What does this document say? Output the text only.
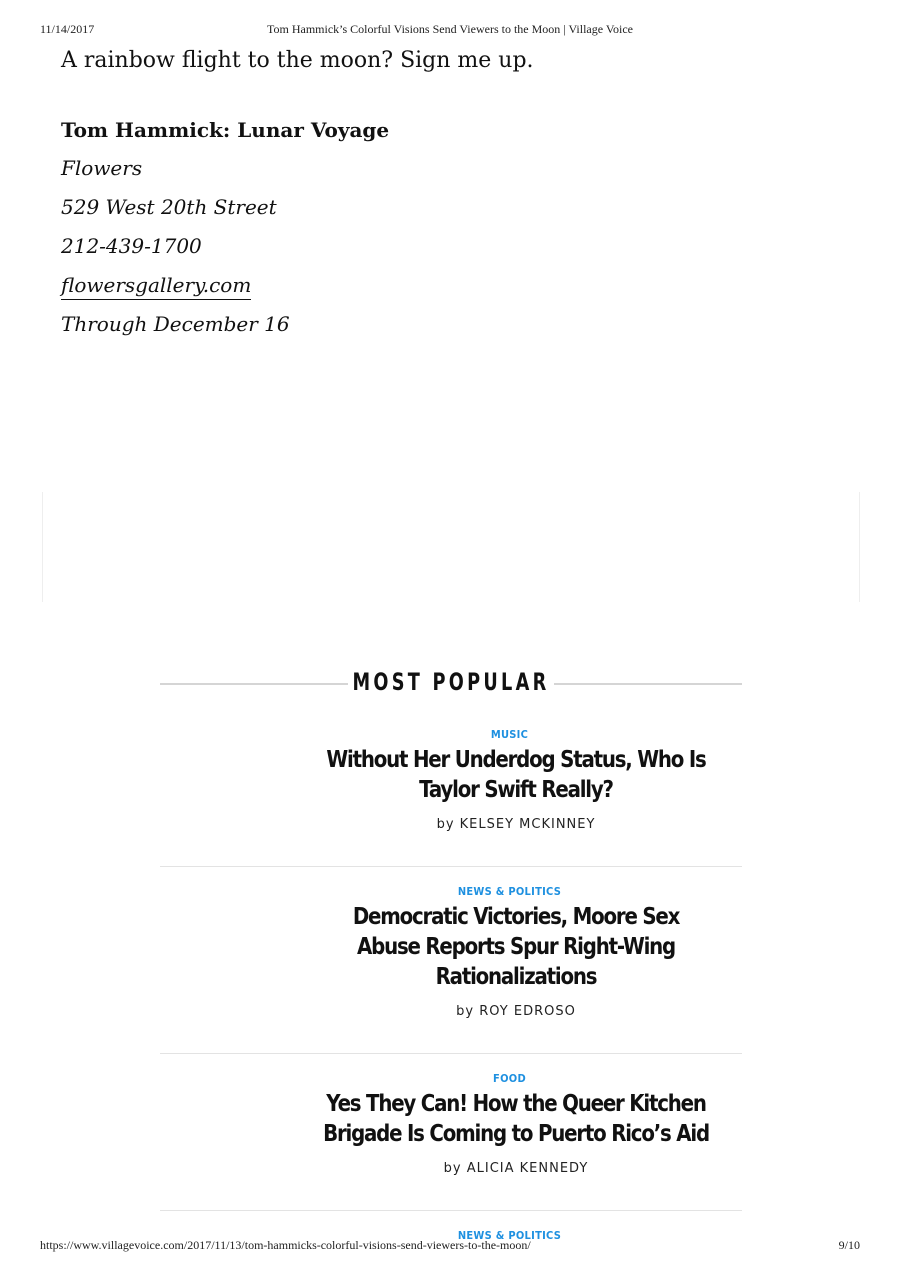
11/14/2017	Tom Hammick’s Colorful Visions Send Viewers to the Moon | Village Voice

A rainbow flight to the moon? Sign me up.

Tom Hammick: Lunar Voyage
Flowers
529 West 20th Street
212-439-1700
flowersgallery.com
Through December 16
MOST POPULAR
MUSIC
Without Her Underdog Status, Who Is Taylor Swift Really?
by KELSEY MCKINNEY
NEWS & POLITICS
Democratic Victories, Moore Sex Abuse Reports Spur Right-Wing Rationalizations
by ROY EDROSO
FOOD
Yes They Can! How the Queer Kitchen Brigade Is Coming to Puerto Rico’s Aid
by ALICIA KENNEDY
NEWS & POLITICS
https://www.villagevoice.com/2017/11/13/tom-hammicks-colorful-visions-send-viewers-to-the-moon/	9/10
